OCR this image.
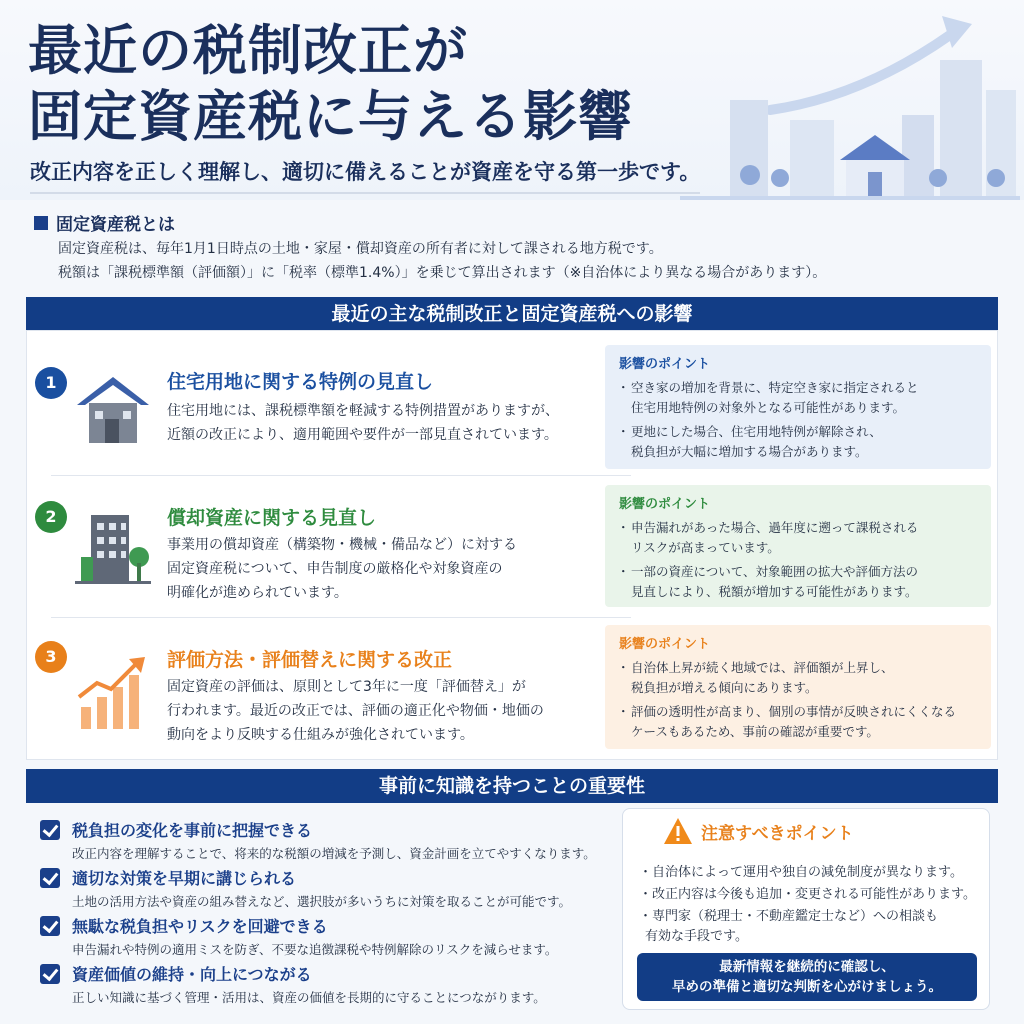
最近の税制改正が
固定資産税に与える影響
改正内容を正しく理解し、適切に備えることが資産を守る第一歩です。
固定資産税とは
固定資産税は、毎年1月1日時点の土地・家屋・償却資産の所有者に対して課される地方税です。
税額は「課税標準額（評価額）」に「税率（標準1.4%）」を乗じて算出されます（※自治体により異なる場合があります）。
最近の主な税制改正と固定資産税への影響
1	住宅用地に関する特例の見直し
住宅用地には、課税標準額を軽減する特例措置がありますが、
近額の改正により、適用範囲や要件が一部見直されています。
影響のポイント
・ 空き家の増加を背景に、特定空き家に指定されると
住宅用地特例の対象外となる可能性があります。
・ 更地にした場合、住宅用地特例が解除され、
税負担が大幅に増加する場合があります。
2	償却資産に関する見直し
事業用の償却資産（構築物・機械・備品など）に対する
固定資産税について、申告制度の厳格化や対象資産の
明確化が進められています。
影響のポイント
・ 申告漏れがあった場合、過年度に遡って課税される
リスクが高まっています。
・ 一部の資産について、対象範囲の拡大や評価方法の
見直しにより、税額が増加する可能性があります。
3	評価方法・評価替えに関する改正
固定資産の評価は、原則として3年に一度「評価替え」が
行われます。最近の改正では、評価の適正化や物価・地価の
動向をより反映する仕組みが強化されています。
影響のポイント
・ 自治体上昇が続く地域では、評価額が上昇し、
税負担が増える傾向にあります。
・ 評価の透明性が高まり、個別の事情が反映されにくくなる
ケースもあるため、事前の確認が重要です。
事前に知識を持つことの重要性
税負担の変化を事前に把握できる
改正内容を理解することで、将来的な税額の増減を予測し、資金計画を立てやすくなります。
適切な対策を早期に講じられる
土地の活用方法や資産の組み替えなど、選択肢が多いうちに対策を取ることが可能です。
無駄な税負担やリスクを回避できる
申告漏れや特例の適用ミスを防ぎ、不要な追徴課税や特例解除のリスクを減らせます。
資産価値の維持・向上につながる
正しい知識に基づく管理・活用は、資産の価値を長期的に守ることにつながります。
注意すべきポイント
・自治体によって運用や独自の減免制度が異なります。
・改正内容は今後も追加・変更される可能性があります。
・専門家（税理士・不動産鑑定士など）への相談も
有効な手段です。
最新情報を継続的に確認し、
早めの準備と適切な判断を心がけましょう。
